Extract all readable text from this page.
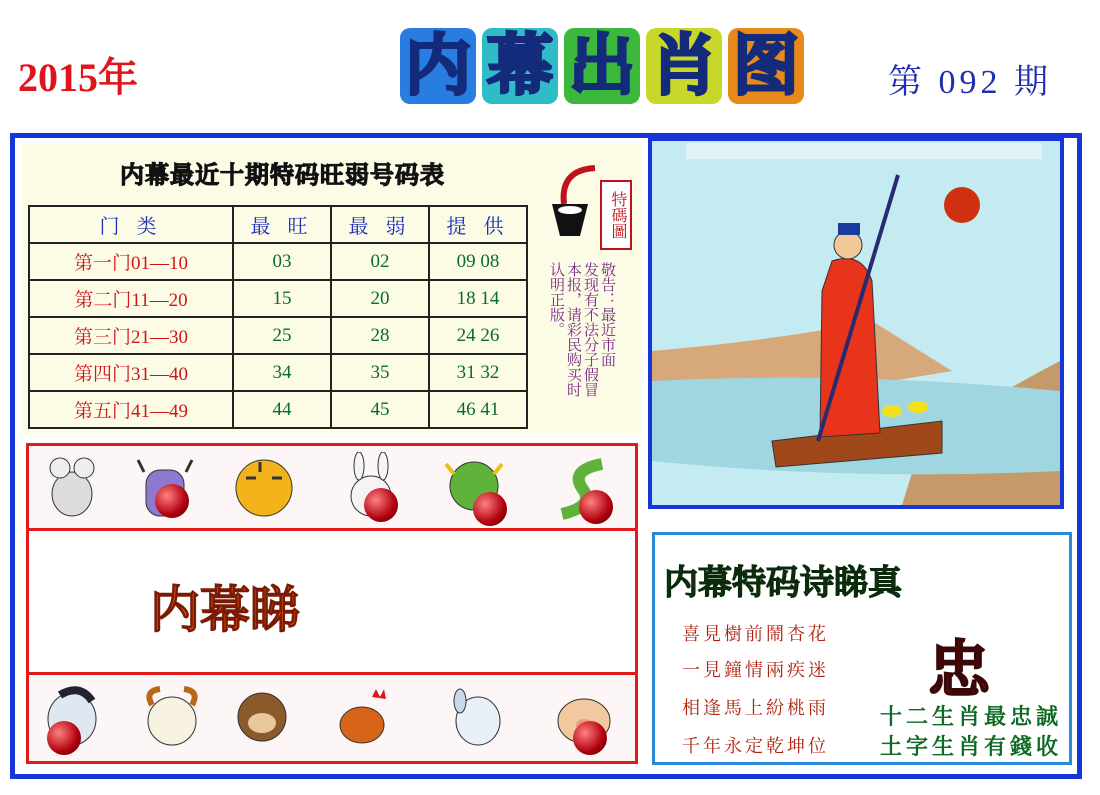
2015年	内 幕 出 肖 图	第 092 期
内幕最近十期特码旺弱号码表
门 类	最 旺	最 弱	提 供
第一门01—10	03	02	09 08
第二门11—20	15	20	18 14
第三门21—30	25	28	24 26
第四门31—40	34	35	31 32
第五门41—49	44	45	46 41
特碼圖
敬告：最近市面
发现有不法分子假冒
本报，请彩民购买时
认明正版。
内幕睇	内幕特码诗睇真
喜見樹前鬧杏花
一見鐘情兩疾迷
相逢馬上紛桃雨
千年永定乾坤位
忠
十二生肖最忠誠
土字生肖有錢收
